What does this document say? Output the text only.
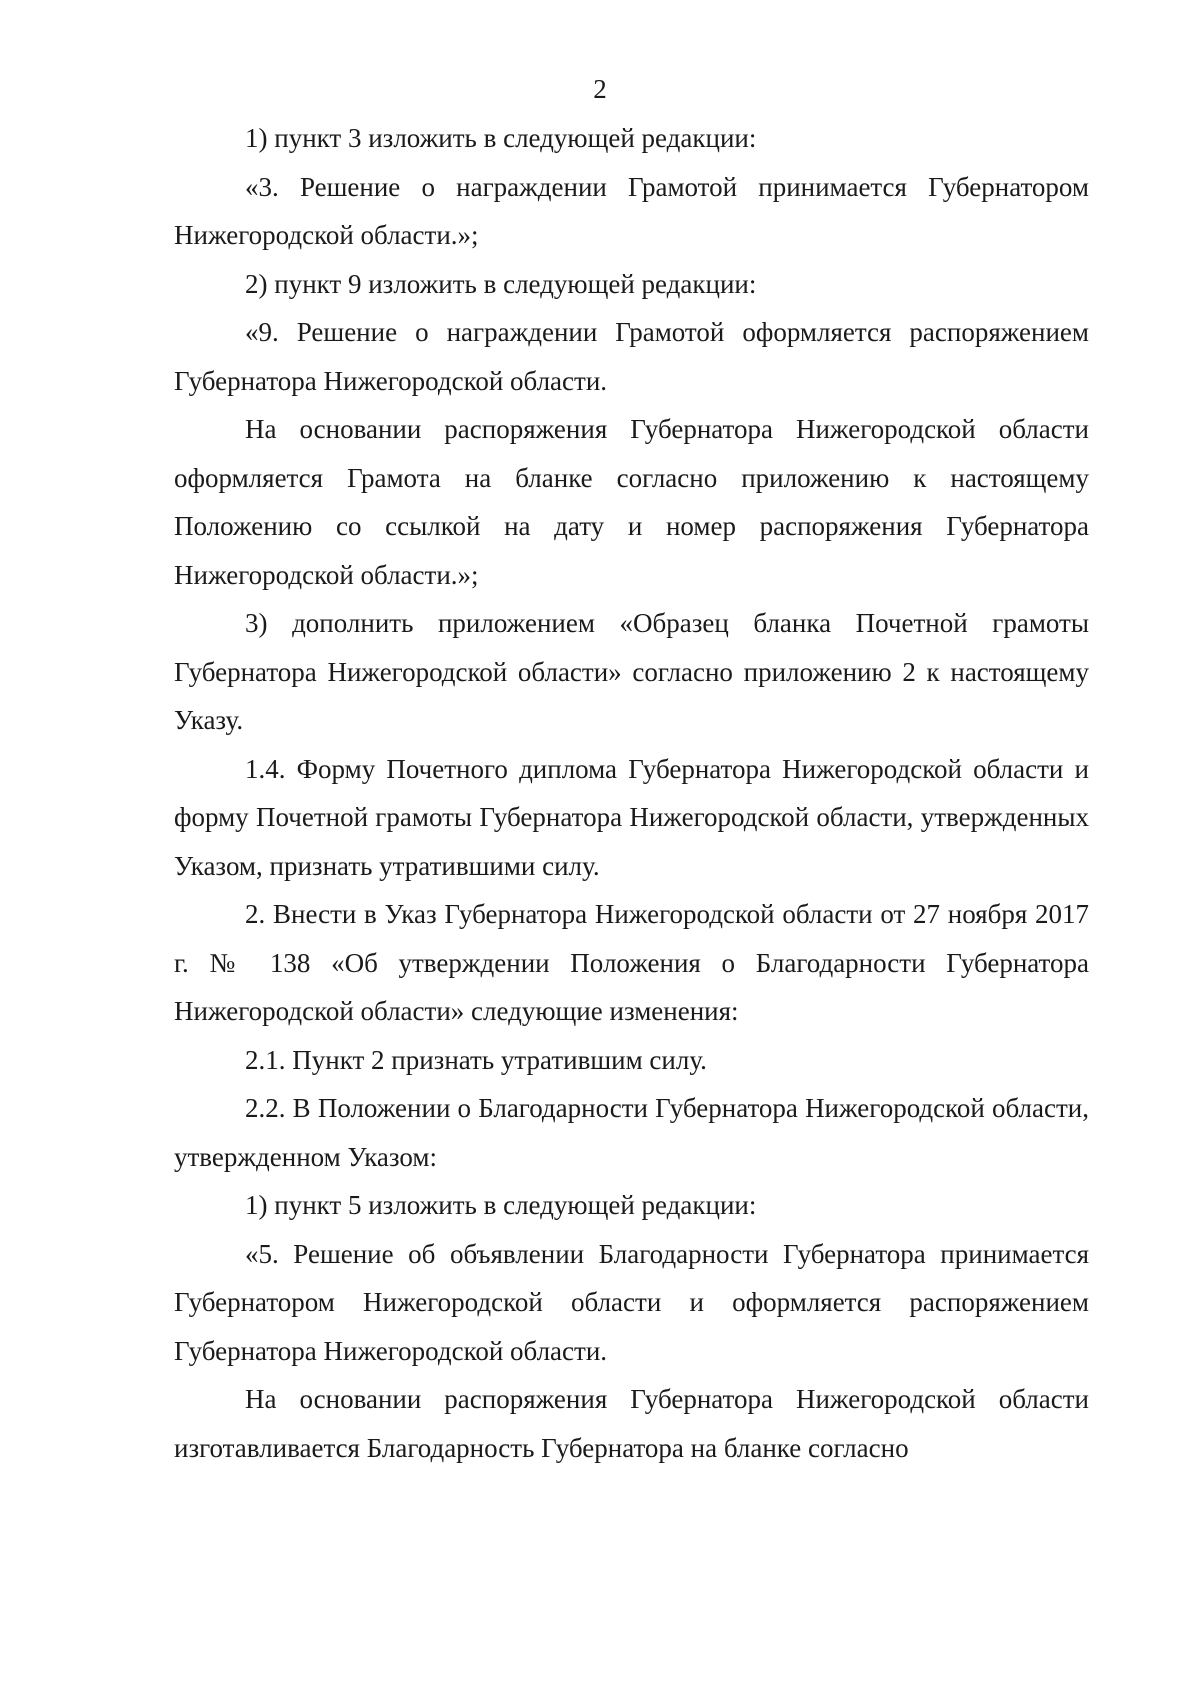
2

1) пункт 3 изложить в следующей редакции:

«3. Решение о награждении Грамотой принимается Губернатором Нижегородской области.»;

2) пункт 9 изложить в следующей редакции:

«9. Решение о награждении Грамотой оформляется распоряжением Губернатора Нижегородской области.

На основании распоряжения Губернатора Нижегородской области оформляется Грамота на бланке согласно приложению к настоящему Положению со ссылкой на дату и номер распоряжения Губернатора Нижегородской области.»;

3) дополнить приложением «Образец бланка Почетной грамоты Губернатора Нижегородской области» согласно приложению 2 к настоящему Указу.

1.4. Форму Почетного диплома Губернатора Нижегородской области и форму Почетной грамоты Губернатора Нижегородской области, утвержденных Указом, признать утратившими силу.

2. Внести в Указ Губернатора Нижегородской области от 27 ноября 2017 г. № 138 «Об утверждении Положения о Благодарности Губернатора Нижегородской области» следующие изменения:

2.1. Пункт 2 признать утратившим силу.

2.2. В Положении о Благодарности Губернатора Нижегородской области, утвержденном Указом:

1) пункт 5 изложить в следующей редакции:

«5. Решение об объявлении Благодарности Губернатора принимается Губернатором Нижегородской области и оформляется распоряжением Губернатора Нижегородской области.

На основании распоряжения Губернатора Нижегородской области изготавливается Благодарность Губернатора на бланке согласно
